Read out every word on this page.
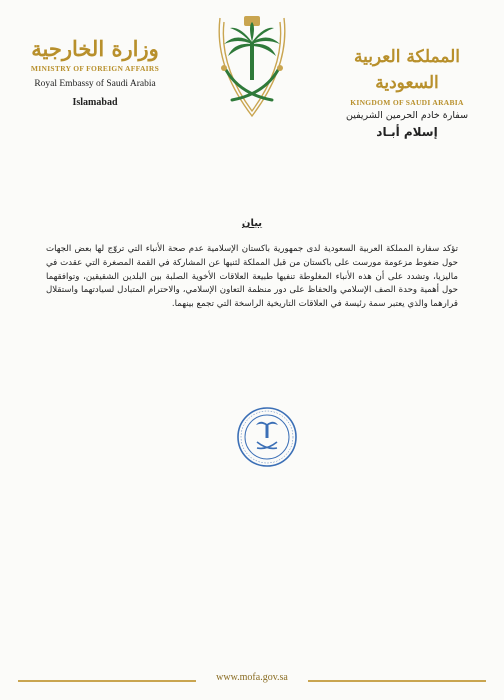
وزارة الخارجية
MINISTRY OF FOREIGN AFFAIRS
Royal Embassy of Saudi Arabia
Islamabad
المملكة العربية السعودية
KINGDOM OF SAUDI ARABIA
سفارة خادم الحرمين الشريفين
إسلام أبـاد
بيان

تؤكد سفارة المملكة العربية السعودية لدى جمهورية باكستان الإسلامية عدم صحة الأنباء التي تروّج لها بعض الجهات حول ضغوط مزعومة مورست على باكستان من قبل المملكة لثنيها عن المشاركة في القمة المصغرة التي عقدت في ماليزيا، وتشدد على أن هذه الأنباء المغلوطة تنفيها طبيعة العلاقات الأخوية الصلبة بين البلدين الشقيقين، وتوافقهما حول أهمية وحدة الصف الإسلامي والحفاظ على دور منظمة التعاون الإسلامي، والاحترام المتبادل لسيادتهما واستقلال قرارهما والذي يعتبر سمة رئيسة في العلاقات التاريخية الراسخة التي تجمع بينهما.

www.mofa.gov.sa
